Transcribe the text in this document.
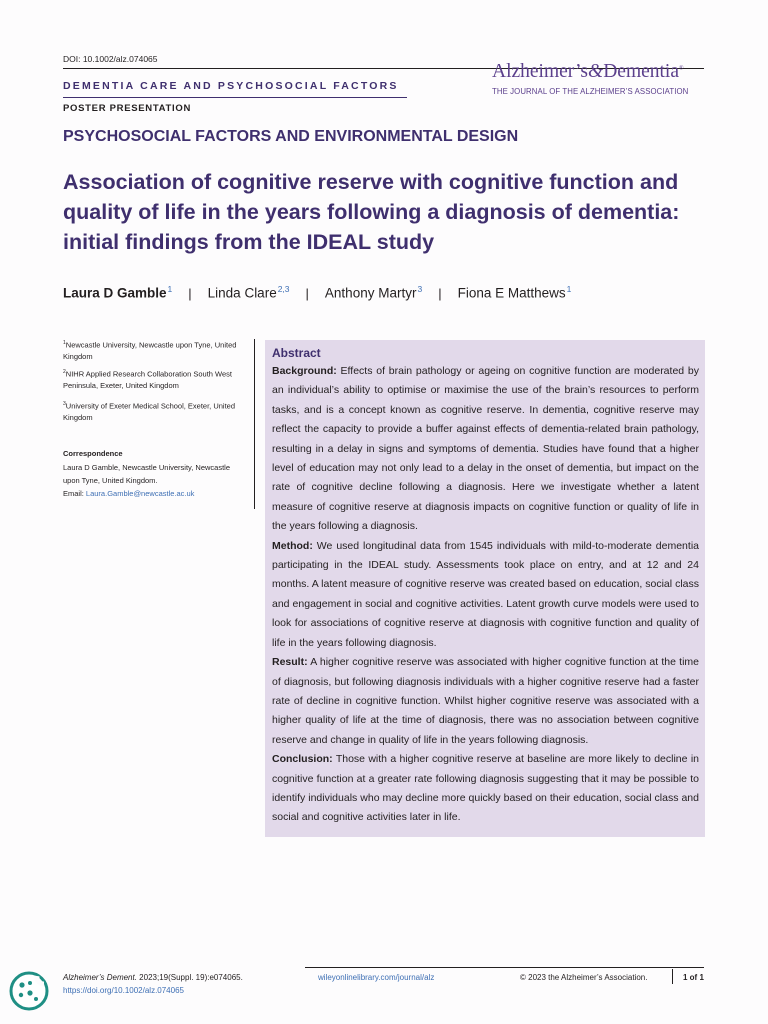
DOI: 10.1002/alz.074065
DEMENTIA CARE AND PSYCHOSOCIAL FACTORS
POSTER PRESENTATION
Alzheimer’s&Dementia®
THE JOURNAL OF THE ALZHEIMER’S ASSOCIATION
PSYCHOSOCIAL FACTORS AND ENVIRONMENTAL DESIGN
Association of cognitive reserve with cognitive function and quality of life in the years following a diagnosis of dementia: initial findings from the IDEAL study
Laura D Gamble$^1$ | Linda Clare$^{2,3}$ | Anthony Martyr$^3$ | Fiona E Matthews$^1$
$^1$Newcastle University, Newcastle upon Tyne, United Kingdom
$^2$NIHR Applied Research Collaboration South West Peninsula, Exeter, United Kingdom
$^3$University of Exeter Medical School, Exeter, United Kingdom
Correspondence
Laura D Gamble, Newcastle University, Newcastle upon Tyne, United Kingdom.
Email: Laura.Gamble@newcastle.ac.uk
Abstract
Background: Effects of brain pathology or ageing on cognitive function are moderated by an individual’s ability to optimise or maximise the use of the brain’s resources to perform tasks, and is a concept known as cognitive reserve. In dementia, cognitive reserve may reflect the capacity to provide a buffer against effects of dementia-related brain pathology, resulting in a delay in signs and symptoms of dementia. Studies have found that a higher level of education may not only lead to a delay in the onset of dementia, but impact on the rate of cognitive decline following a diagnosis. Here we investigate whether a latent measure of cognitive reserve at diagnosis impacts on cognitive function or quality of life in the years following a diagnosis.
Method: We used longitudinal data from 1545 individuals with mild-to-moderate dementia participating in the IDEAL study. Assessments took place on entry, and at 12 and 24 months. A latent measure of cognitive reserve was created based on education, social class and engagement in social and cognitive activities. Latent growth curve models were used to look for associations of cognitive reserve at diagnosis with cognitive function and quality of life in the years following diagnosis.
Result: A higher cognitive reserve was associated with higher cognitive function at the time of diagnosis, but following diagnosis individuals with a higher cognitive reserve had a faster rate of decline in cognitive function. Whilst higher cognitive reserve was associated with a higher quality of life at the time of diagnosis, there was no association between cognitive reserve and change in quality of life in the years following diagnosis.
Conclusion: Those with a higher cognitive reserve at baseline are more likely to decline in cognitive function at a greater rate following diagnosis suggesting that it may be possible to identify individuals who may decline more quickly based on their education, social class and social and cognitive activities later in life.
Alzheimer’s Dement. 2023;19(Suppl. 19):e074065.
https://doi.org/10.1002/alz.074065
wileyonlinelibrary.com/journal/alz	© 2023 the Alzheimer’s Association.	1 of 1
